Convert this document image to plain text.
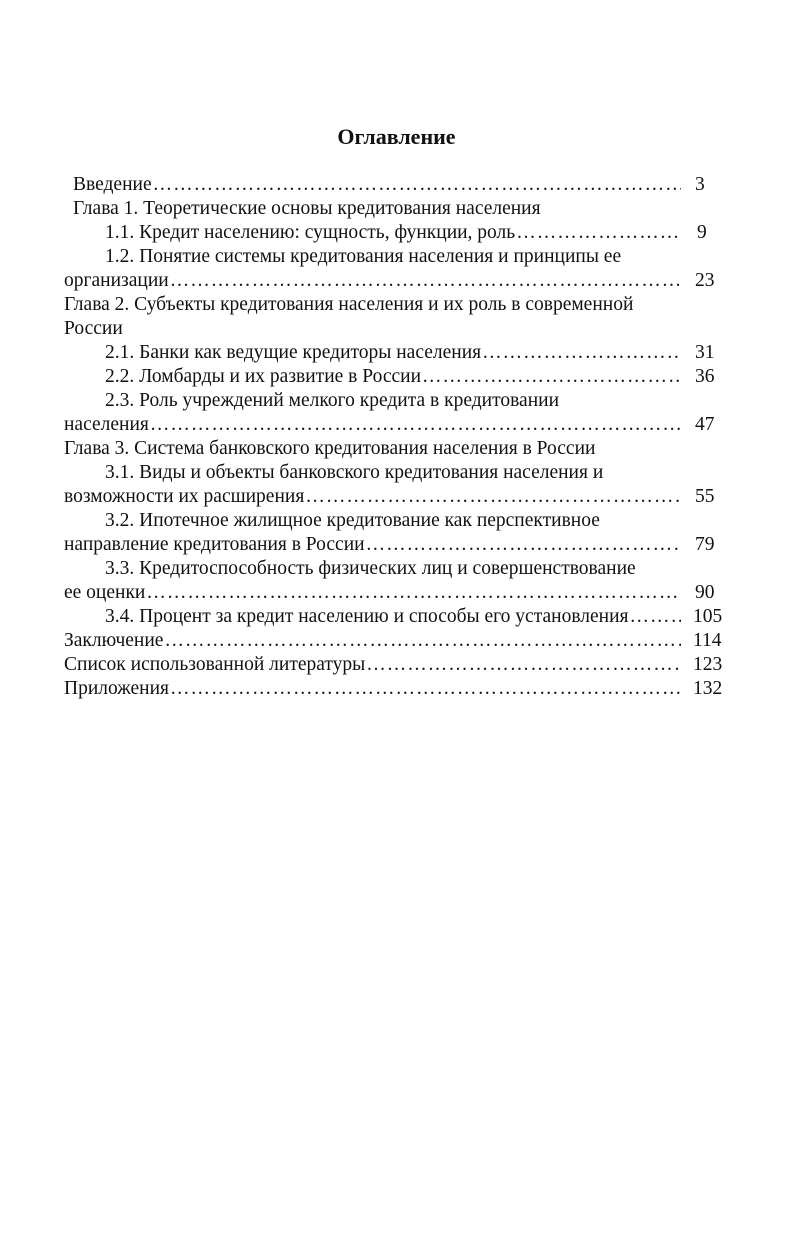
Оглавление
Введение ………………………………………………………………………………………………………………………………………………………………………………	3
Глава 1. Теоретические основы кредитования населения
1.1. Кредит населению: сущность, функции, роль ………………………………………………………………………………………………………………………………………………………………………………	9
1.2. Понятие системы кредитования населения и принципы ее
организации ………………………………………………………………………………………………………………………………………………………………………………	23
Глава 2. Субъекты кредитования населения и их роль в современной
России
2.1. Банки как ведущие кредиторы населения ………………………………………………………………………………………………………………………………………………………………………………	31
2.2. Ломбарды и их развитие в России ………………………………………………………………………………………………………………………………………………………………………………	36
2.3. Роль учреждений мелкого кредита в кредитовании
населения ………………………………………………………………………………………………………………………………………………………………………………	47
Глава 3. Система банковского кредитования населения в России
3.1. Виды и объекты банковского кредитования населения и
возможности их расширения ………………………………………………………………………………………………………………………………………………………………………………	55
3.2. Ипотечное жилищное кредитование как перспективное
направление кредитования в России ………………………………………………………………………………………………………………………………………………………………………………	79
3.3. Кредитоспособность физических лиц и совершенствование
ее оценки ………………………………………………………………………………………………………………………………………………………………………………	90
3.4. Процент за кредит населению и способы его установления ………………………………………………………………………………………………………………………………………………………………………………	105
Заключение ………………………………………………………………………………………………………………………………………………………………………………	114
Список использованной литературы ………………………………………………………………………………………………………………………………………………………………………………	123
Приложения ………………………………………………………………………………………………………………………………………………………………………………	132
